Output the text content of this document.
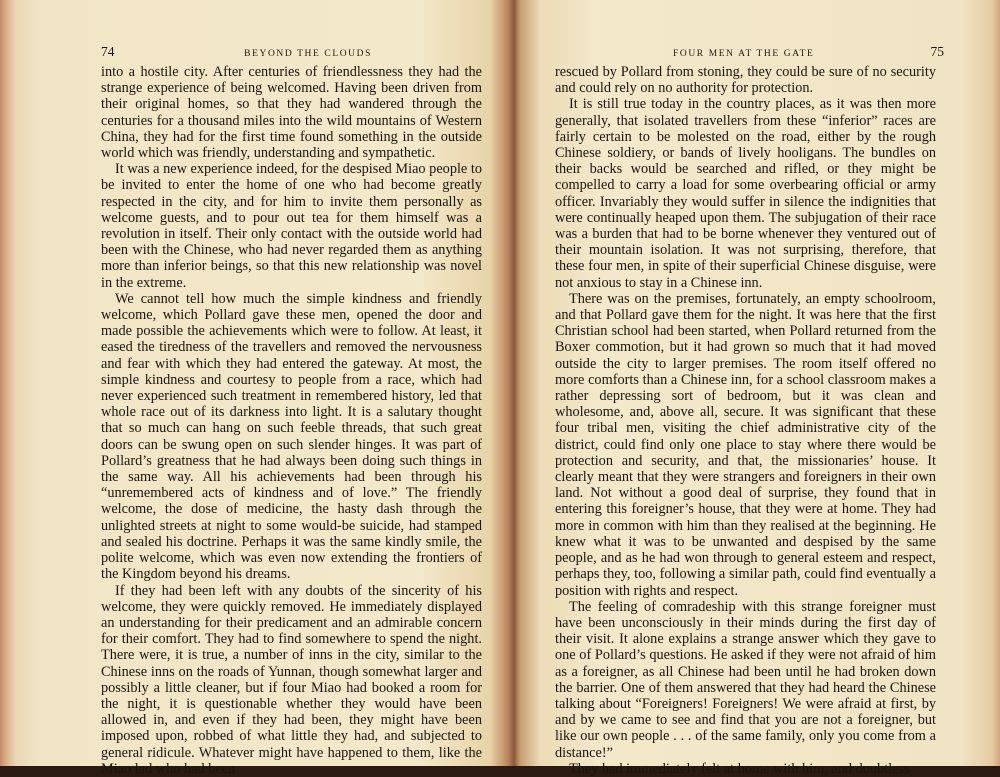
74	BEYOND THE CLOUDS

into a hostile city. After centuries of friendlessness they had the strange experience of being welcomed. Having been driven from their original homes, so that they had wandered through the centuries for a thousand miles into the wild mountains of Western China, they had for the first time found something in the outside world which was friendly, understanding and sympathetic.

It was a new experience indeed, for the despised Miao people to be invited to enter the home of one who had become greatly respected in the city, and for him to invite them personally as welcome guests, and to pour out tea for them himself was a revolution in itself. Their only contact with the outside world had been with the Chinese, who had never regarded them as anything more than inferior beings, so that this new relationship was novel in the extreme.

We cannot tell how much the simple kindness and friendly welcome, which Pollard gave these men, opened the door and made possible the achievements which were to follow. At least, it eased the tiredness of the travellers and removed the nervousness and fear with which they had entered the gateway. At most, the simple kindness and courtesy to people from a race, which had never experienced such treatment in remembered history, led that whole race out of its darkness into light. It is a salutary thought that so much can hang on such feeble threads, that such great doors can be swung open on such slender hinges. It was part of Pollard’s greatness that he had always been doing such things in the same way. All his achievements had been through his “unremembered acts of kindness and of love.” The friendly welcome, the dose of medicine, the hasty dash through the unlighted streets at night to some would-be suicide, had stamped and sealed his doctrine. Perhaps it was the same kindly smile, the polite welcome, which was even now extending the frontiers of the Kingdom beyond his dreams.

If they had been left with any doubts of the sincerity of his welcome, they were quickly removed. He immediately displayed an understanding for their predicament and an admirable concern for their comfort. They had to find somewhere to spend the night. There were, it is true, a number of inns in the city, similar to the Chinese inns on the roads of Yunnan, though somewhat larger and possibly a little cleaner, but if four Miao had booked a room for the night, it is questionable whether they would have been allowed in, and even if they had been, they might have been imposed upon, robbed of what little they had, and subjected to general ridicule. Whatever might have happened to them, like the Miao lad who had been

FOUR MEN AT THE GATE	75

rescued by Pollard from stoning, they could be sure of no security and could rely on no authority for protection.

It is still true today in the country places, as it was then more generally, that isolated travellers from these “inferior” races are fairly certain to be molested on the road, either by the rough Chinese soldiery, or bands of lively hooligans. The bundles on their backs would be searched and rifled, or they might be compelled to carry a load for some overbearing official or army officer. Invariably they would suffer in silence the indignities that were continually heaped upon them. The subjugation of their race was a burden that had to be borne whenever they ventured out of their mountain isolation. It was not surprising, therefore, that these four men, in spite of their superficial Chinese disguise, were not anxious to stay in a Chinese inn.

There was on the premises, fortunately, an empty schoolroom, and that Pollard gave them for the night. It was here that the first Christian school had been started, when Pollard returned from the Boxer commotion, but it had grown so much that it had moved outside the city to larger premises. The room itself offered no more comforts than a Chinese inn, for a school classroom makes a rather depressing sort of bedroom, but it was clean and wholesome, and, above all, secure. It was significant that these four tribal men, visiting the chief administrative city of the district, could find only one place to stay where there would be protection and security, and that, the missionaries’ house. It clearly meant that they were strangers and foreigners in their own land. Not without a good deal of surprise, they found that in entering this foreigner’s house, that they were at home. They had more in common with him than they realised at the beginning. He knew what it was to be unwanted and despised by the same people, and as he had won through to general esteem and respect, perhaps they, too, following a similar path, could find eventually a position with rights and respect.

The feeling of comradeship with this strange foreigner must have been unconsciously in their minds during the first day of their visit. It alone explains a strange answer which they gave to one of Pollard’s questions. He asked if they were not afraid of him as a foreigner, as all Chinese had been until he had broken down the barrier. One of them answered that they had heard the Chinese talking about “Foreigners! Foreigners! We were afraid at first, by and by we came to see and find that you are not a foreigner, but like our own people . . . of the same family, only you come from a distance!”

They had immediately felt at home with him, and doubtless
